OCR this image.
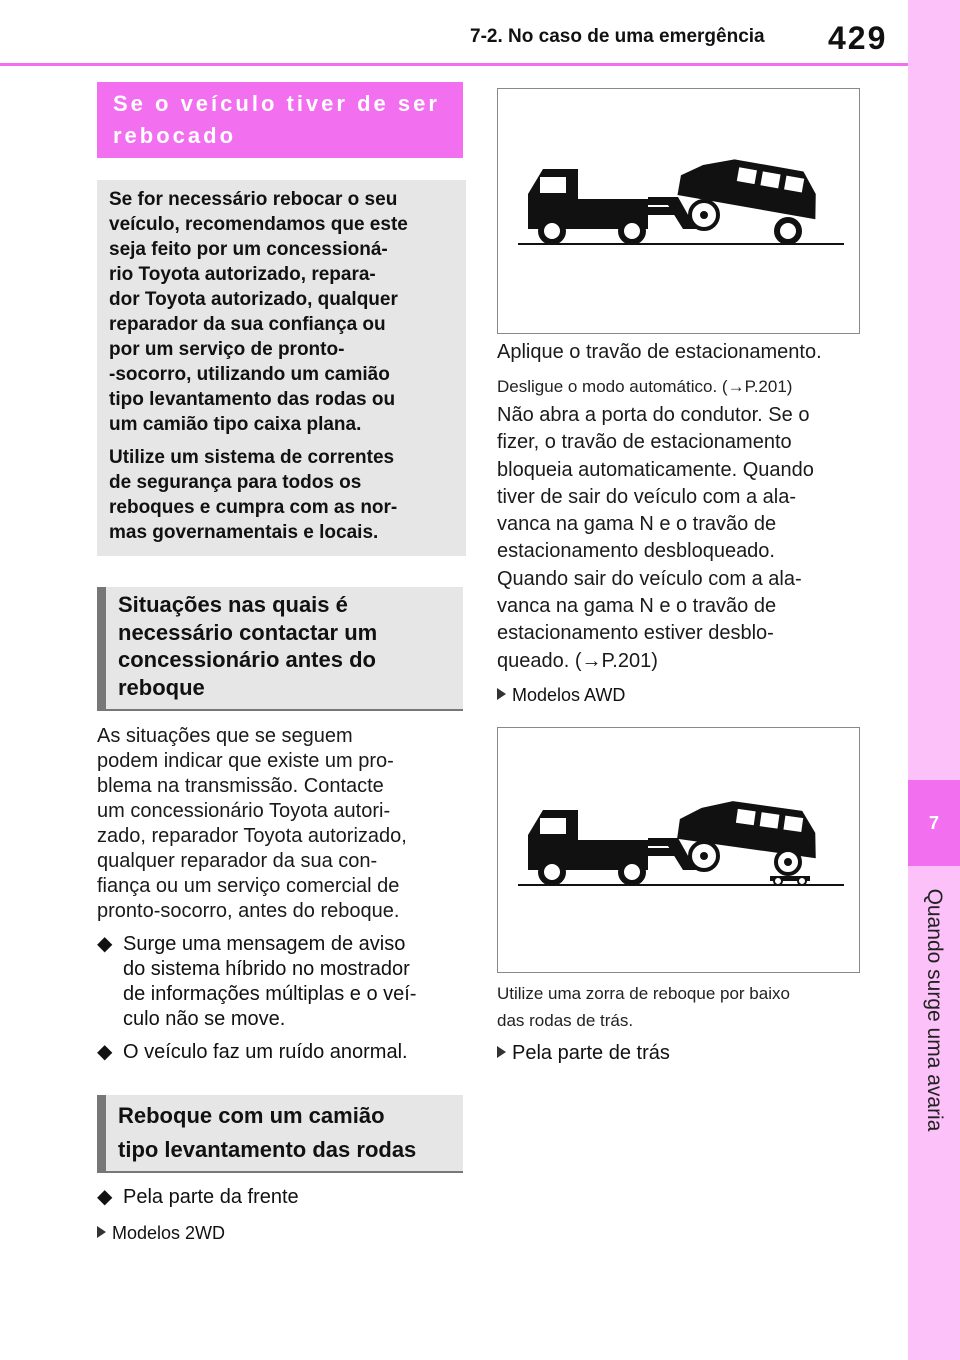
7-2. No caso de uma emergência 429
7
Quando surge uma avaria
Se o veículo tiver de ser
rebocado

Se for necessário rebocar o seu
veículo, recomendamos que este
seja feito por um concessioná-
rio Toyota autorizado, repara-
dor Toyota autorizado, qualquer
reparador da sua confiança ou
por um serviço de pronto-
-socorro, utilizando um camião
tipo levantamento das rodas ou
um camião tipo caixa plana.

Utilize um sistema de correntes
de segurança para todos os
reboques e cumpra com as nor-
mas governamentais e locais.

Situações nas quais é
necessário contactar um
concessionário antes do
reboque
As situações que se seguem
podem indicar que existe um pro-
blema na transmissão. Contacte
um concessionário Toyota autori-
zado, reparador Toyota autorizado,
qualquer reparador da sua con-
fiança ou um serviço comercial de
pronto-socorro, antes do reboque.
◆ Surge uma mensagem de aviso
do sistema híbrido no mostrador
de informações múltiplas e o veí-
culo não se move.
◆ O veículo faz um ruído anormal.
Reboque com um camião
tipo levantamento das rodas
◆ Pela parte da frente
Modelos 2WD
Aplique o travão de estacionamento.
Desligue o modo automático. (→P.201)
Não abra a porta do condutor. Se o
fizer, o travão de estacionamento
bloqueia automaticamente. Quando
tiver de sair do veículo com a ala-
vanca na gama N e o travão de
estacionamento desbloqueado.
Quando sair do veículo com a ala-
vanca na gama N e o travão de
estacionamento estiver desblo-
queado. (→P.201)
Modelos AWD
Utilize uma zorra de reboque por baixo
das rodas de trás.
Pela parte de trás
